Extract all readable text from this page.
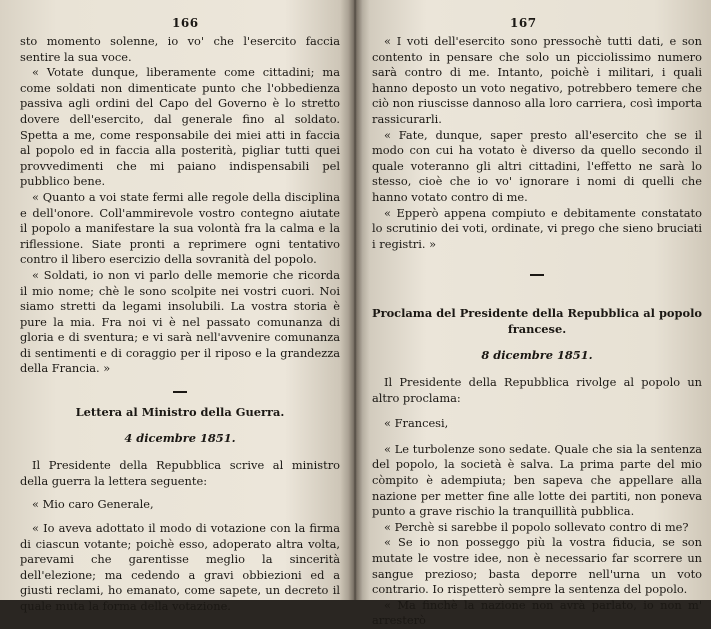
166

sto momento solenne, io vo' che l'esercito faccia sentire la sua voce.

« Votate dunque, liberamente come cittadini; ma come soldati non dimenticate punto che l'obbedienza passiva agli ordini del Capo del Governo è lo stretto dovere dell'esercito, dal generale fino al soldato. Spetta a me, come responsabile dei miei atti in faccia al popolo ed in faccia alla posterità, pigliar tutti quei provvedimenti che mi paiano indispensabili pel pubblico bene.

« Quanto a voi state fermi alle regole della disciplina e dell'onore. Coll'ammirevole vostro contegno aiutate il popolo a manifestare la sua volontà fra la calma e la riflessione. Siate pronti a reprimere ogni tentativo contro il libero esercizio della sovranità del popolo.

« Soldati, io non vi parlo delle memorie che ricorda il mio nome; chè le sono scolpite nei vostri cuori. Noi siamo stretti da legami insolubili. La vostra storia è pure la mia. Fra noi vi è nel passato comunanza di gloria e di sventura; e vi sarà nell'avvenire comunanza di sentimenti e di coraggio per il riposo e la grandezza della Francia. »

Lettera al Ministro della Guerra.
4 dicembre 1851.

Il Presidente della Repubblica scrive al ministro della guerra la lettera seguente:

« Mio caro Generale,

« Io aveva adottato il modo di votazione con la firma di ciascun votante; poichè esso, adoperato altra volta, parevami che garentisse meglio la sincerità dell'elezione; ma cedendo a gravi obbiezioni ed a giusti reclami, ho emanato, come sapete, un decreto il quale muta la forma della votazione.

167

« I voti dell'esercito sono pressochè tutti dati, e son contento in pensare che solo un picciolissimo numero sarà contro di me. Intanto, poichè i militari, i quali hanno deposto un voto negativo, potrebbero temere che ciò non riuscisse dannoso alla loro carriera, così importa rassicurarli.

« Fate, dunque, saper presto all'esercito che se il modo con cui ha votato è diverso da quello secondo il quale voteranno gli altri cittadini, l'effetto ne sarà lo stesso, cioè che io vo' ignorare i nomi di quelli che hanno votato contro di me.

« Epperò appena compiuto e debitamente constatato lo scrutinio dei voti, ordinate, vi prego che sieno bruciati i registri. »

Proclama del Presidente della Repubblica al popolo francese.
8 dicembre 1851.

Il Presidente della Repubblica rivolge al popolo un altro proclama:

« Francesi,

« Le turbolenze sono sedate. Quale che sia la sentenza del popolo, la società è salva. La prima parte del mio còmpito è adempiuta; ben sapeva che appellare alla nazione per metter fine alle lotte dei partiti, non poneva punto a grave rischio la tranquillità pubblica.

« Perchè si sarebbe il popolo sollevato contro di me?

« Se io non posseggo più la vostra fiducia, se son mutate le vostre idee, non è necessario far scorrere un sangue prezioso; basta deporre nell'urna un voto contrario. Io rispetterò sempre la sentenza del popolo.

« Ma finchè la nazione non avrà parlato, io non m' arresterò
